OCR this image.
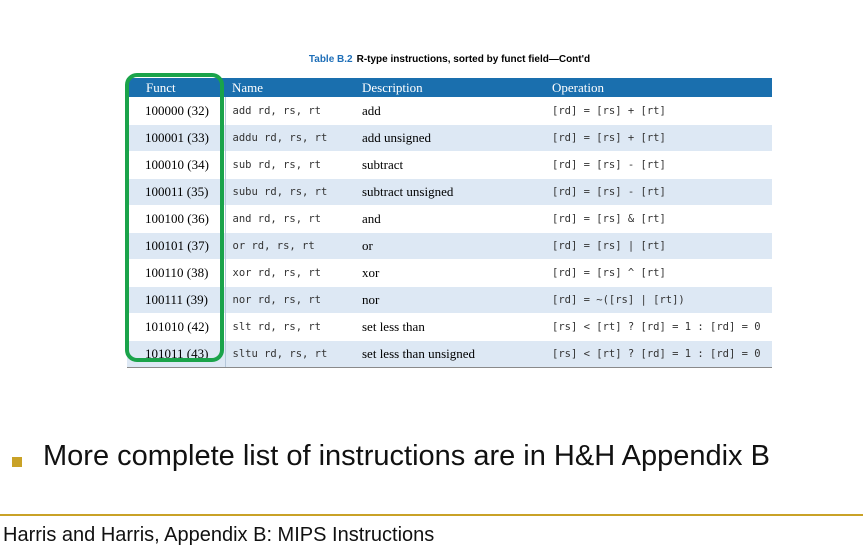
Table B.2 R-type instructions, sorted by funct field—Cont'd
Funct	Name	Description	Operation
100000 (32)	add rd, rs, rt	add	[rd] = [rs] + [rt]
100001 (33)	addu rd, rs, rt	add unsigned	[rd] = [rs] + [rt]
100010 (34)	sub rd, rs, rt	subtract	[rd] = [rs] - [rt]
100011 (35)	subu rd, rs, rt	subtract unsigned	[rd] = [rs] - [rt]
100100 (36)	and rd, rs, rt	and	[rd] = [rs] & [rt]
100101 (37)	or rd, rs, rt	or	[rd] = [rs] | [rt]
100110 (38)	xor rd, rs, rt	xor	[rd] = [rs] ^ [rt]
100111 (39)	nor rd, rs, rt	nor	[rd] = ~([rs] | [rt])
101010 (42)	slt rd, rs, rt	set less than	[rs] < [rt] ? [rd] = 1 : [rd] = 0
101011 (43)	sltu rd, rs, rt	set less than unsigned	[rs] < [rt] ? [rd] = 1 : [rd] = 0
More complete list of instructions are in H&H Appendix B
Harris and Harris, Appendix B: MIPS Instructions
